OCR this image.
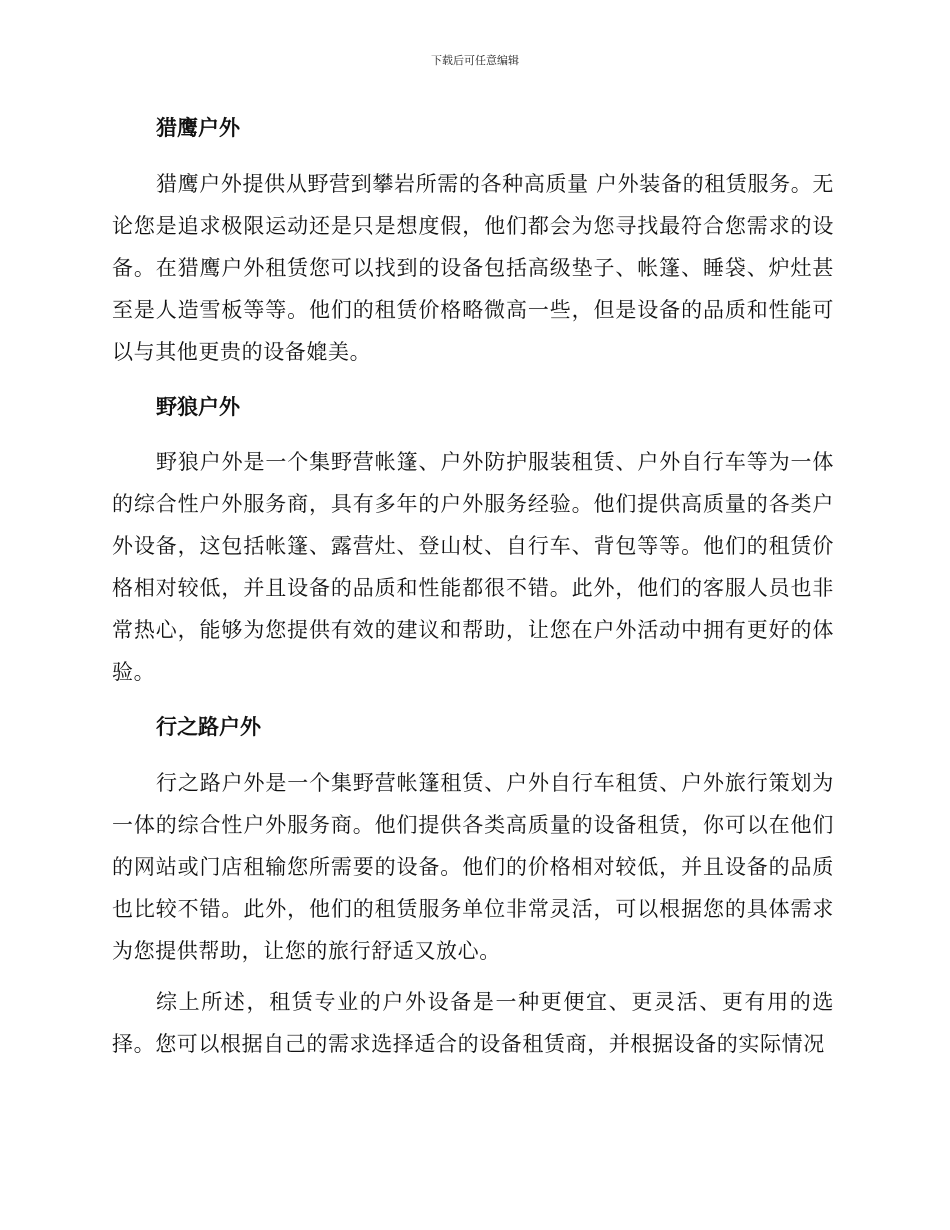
下载后可任意编辑
猎鹰户外

猎鹰户外提供从野营到攀岩所需的各种高质量 户外装备的租赁服务。无论您是追求极限运动还是只是想度假，他们都会为您寻找最符合您需求的设备。在猎鹰户外租赁您可以找到的设备包括高级垫子、帐篷、睡袋、炉灶甚至是人造雪板等等。他们的租赁价格略微高一些，但是设备的品质和性能可以与其他更贵的设备媲美。

野狼户外

野狼户外是一个集野营帐篷、户外防护服装租赁、户外自行车等为一体的综合性户外服务商，具有多年的户外服务经验。他们提供高质量的各类户外设备，这包括帐篷、露营灶、登山杖、自行车、背包等等。他们的租赁价格相对较低，并且设备的品质和性能都很不错。此外，他们的客服人员也非常热心，能够为您提供有效的建议和帮助，让您在户外活动中拥有更好的体验。

行之路户外

行之路户外是一个集野营帐篷租赁、户外自行车租赁、户外旅行策划为一体的综合性户外服务商。他们提供各类高质量的设备租赁，你可以在他们的网站或门店租输您所需要的设备。他们的价格相对较低，并且设备的品质也比较不错。此外，他们的租赁服务单位非常灵活，可以根据您的具体需求为您提供帮助，让您的旅行舒适又放心。

综上所述，租赁专业的户外设备是一种更便宜、更灵活、更有用的选择。您可以根据自己的需求选择适合的设备租赁商，并根据设备的实际情况
